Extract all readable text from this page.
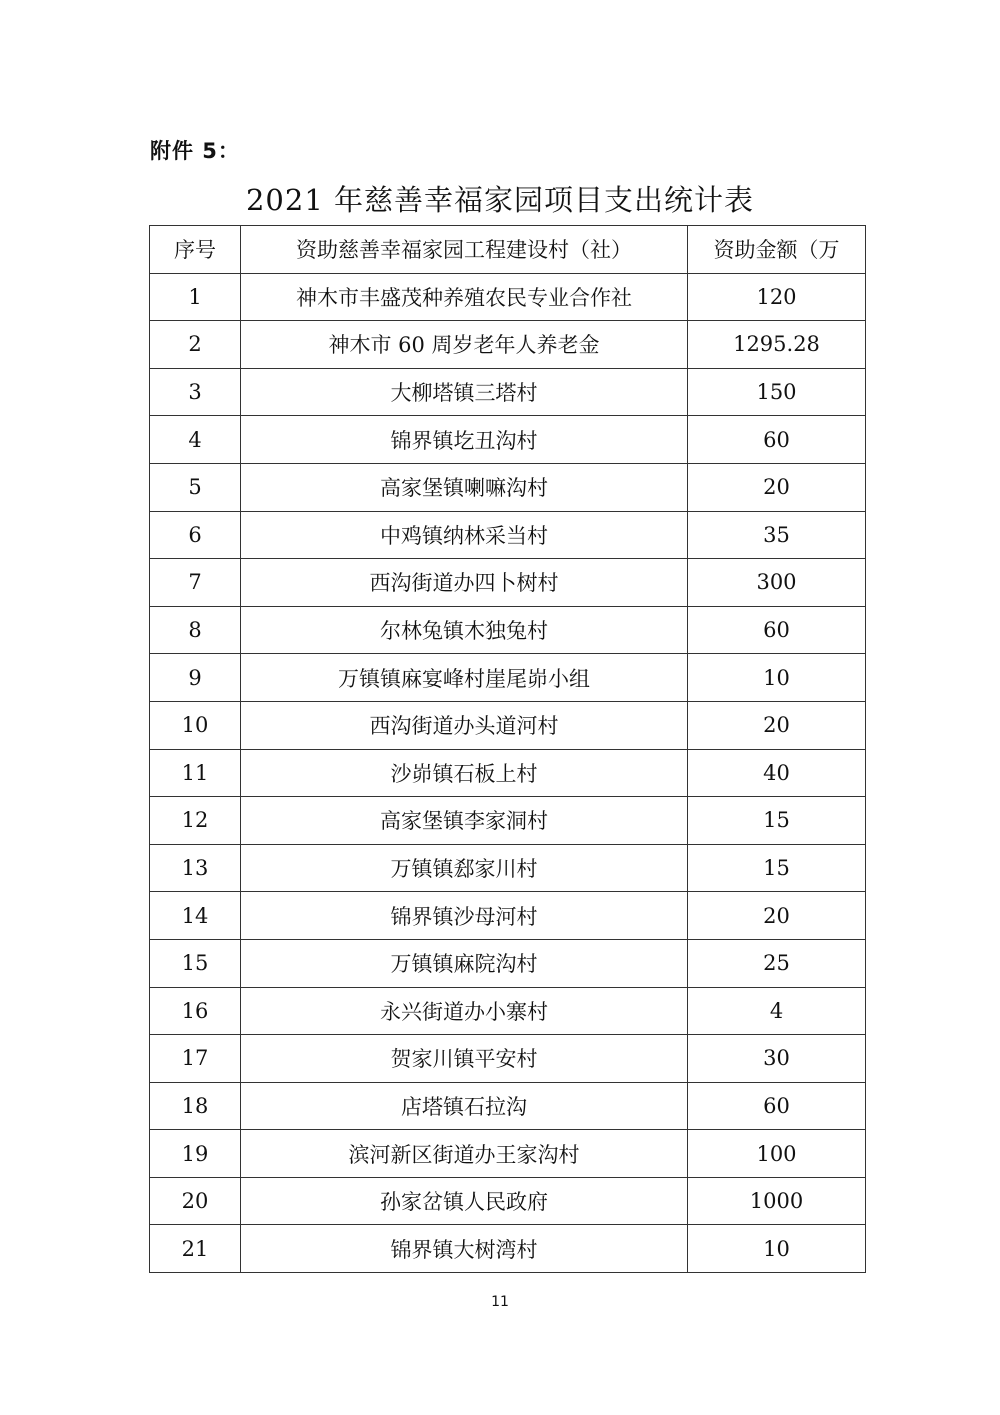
附件 5：
2021 年慈善幸福家园项目支出统计表
序号	资助慈善幸福家园工程建设村（社）	资助金额（万
1	神木市丰盛茂种养殖农民专业合作社	120
2	神木市 60 周岁老年人养老金	1295.28
3	大柳塔镇三塔村	150
4	锦界镇圪丑沟村	60
5	高家堡镇喇嘛沟村	20
6	中鸡镇纳林采当村	35
7	西沟街道办四卜树村	300
8	尔林兔镇木独兔村	60
9	万镇镇麻宴峰村崖尾峁小组	10
10	西沟街道办头道河村	20
11	沙峁镇石板上村	40
12	高家堡镇李家洞村	15
13	万镇镇郄家川村	15
14	锦界镇沙母河村	20
15	万镇镇麻院沟村	25
16	永兴街道办小寨村	4
17	贺家川镇平安村	30
18	店塔镇石拉沟	60
19	滨河新区街道办王家沟村	100
20	孙家岔镇人民政府	1000
21	锦界镇大树湾村	10
11
